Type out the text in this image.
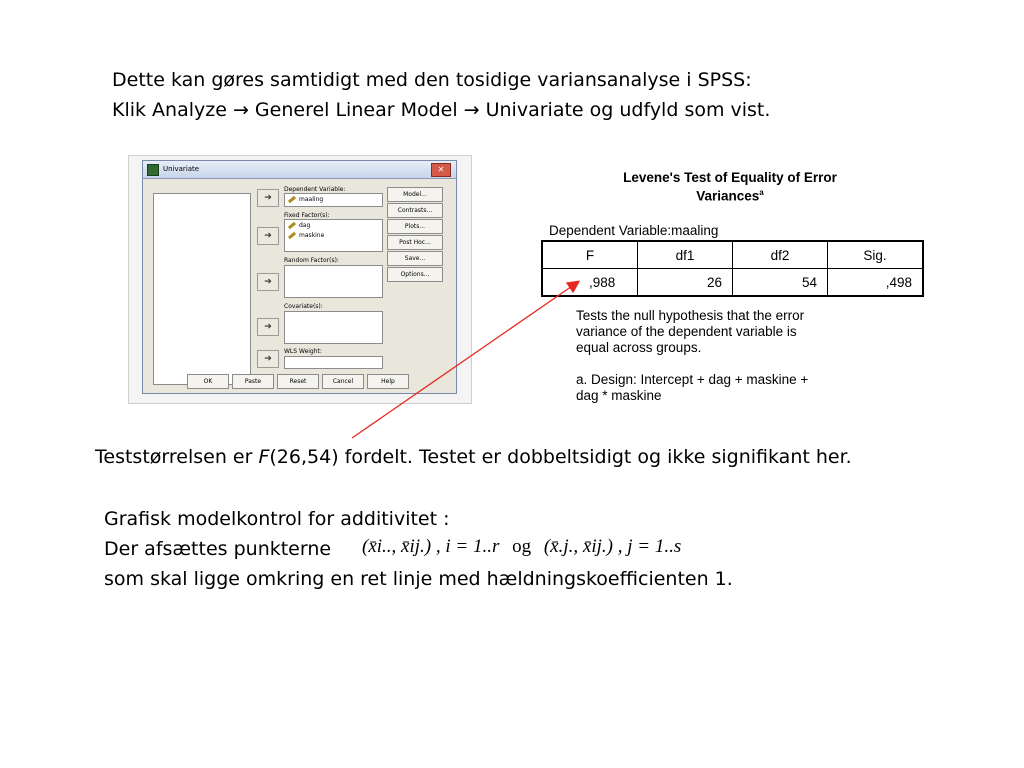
Dette kan gøres samtidigt med den tosidige variansanalyse i SPSS:
Klik Analyze → Generel Linear Model → Univariate og udfyld som vist.
Univariate	✕
➔
➔
➔
➔
➔
Dependent Variable:
maaling
Fixed Factor(s):
dag
maskine
Random Factor(s):
Covariate(s):
WLS Weight:
Model...
Contrasts...
Plots...
Post Hoc...
Save...
Options...
OK	Paste	Reset	Cancel	Help
Levene's Test of Equality of Error
Variances$^a$
Dependent Variable:maaling
F	df1	df2	Sig.
,988	26	54	,498
Tests the null hypothesis that the error
variance of the dependent variable is
equal across groups.
a. Design: Intercept + dag + maskine +
dag * maskine
Teststørrelsen er F(26,54) fordelt. Testet er dobbeltsidigt og ikke signifikant her.
Grafisk modelkontrol for additivitet :
Der afsættes punkterne (x̄i.., x̄ij.) , i = 1..r og (x̄.j., x̄ij.) , j = 1..s
som skal ligge omkring en ret linje med hældningskoefficienten 1.
